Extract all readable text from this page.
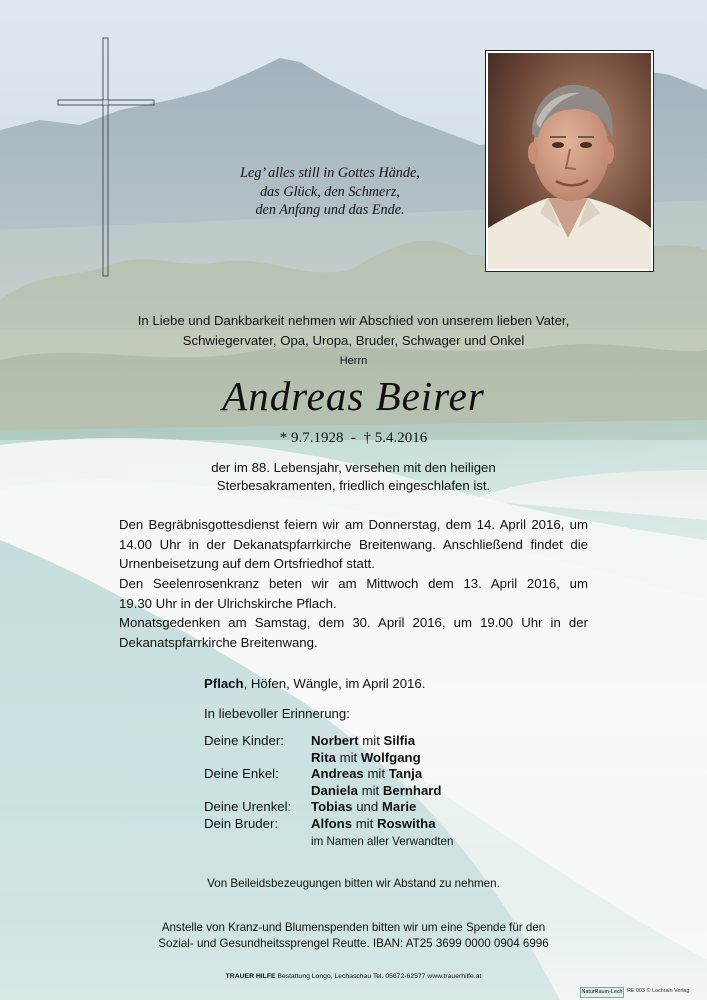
Leg’ alles still in Gottes Hände,
das Glück, den Schmerz,
den Anfang und das Ende.
In Liebe und Dankbarkeit nehmen wir Abschied von unserem lieben Vater,
Schwiegervater, Opa, Uropa, Bruder, Schwager und Onkel
Herrn
Andreas Beirer
* 9.7.1928  -  † 5.4.2016
der im 88. Lebensjahr, versehen mit den heiligen
Sterbesakramenten, friedlich eingeschlafen ist.
Den Begräbnisgottesdienst feiern wir am Donnerstag, dem 14. April 2016, um
14.00 Uhr in der Dekanatspfarrkirche Breitenwang. Anschließend findet die
Urnenbeisetzung auf dem Ortsfriedhof statt.
Den Seelenrosenkranz beten wir am Mittwoch dem 13. April 2016, um
19.30 Uhr in der Ulrichskirche Pflach.
Monatsgedenken am Samstag, dem 30. April 2016, um 19.00 Uhr in der
Dekanatspfarrkirche Breitenwang.
Pflach, Höfen, Wängle, im April 2016.
In liebevoller Erinnerung:
Deine Kinder:	Norbert mit Silfia
Rita mit Wolfgang
Deine Enkel:	Andreas mit Tanja
Daniela mit Bernhard
Deine Urenkel:	Tobias und Marie
Dein Bruder:	Alfons mit Roswitha
im Namen aller Verwandten
Von Beileidsbezeugungen bitten wir Abstand zu nehmen.
Anstelle von Kranz-und Blumenspenden bitten wir um eine Spende für den
Sozial- und Gesundheitssprengel Reutte. IBAN: AT25 3699 0000 0904 6996
TRAUER HILFE Bestattung Longo, Lechaschau Tel. 05672-62577 www.trauerhilfe.at
NaturRaum-Lech RE 003 © Lochrain Verlag
